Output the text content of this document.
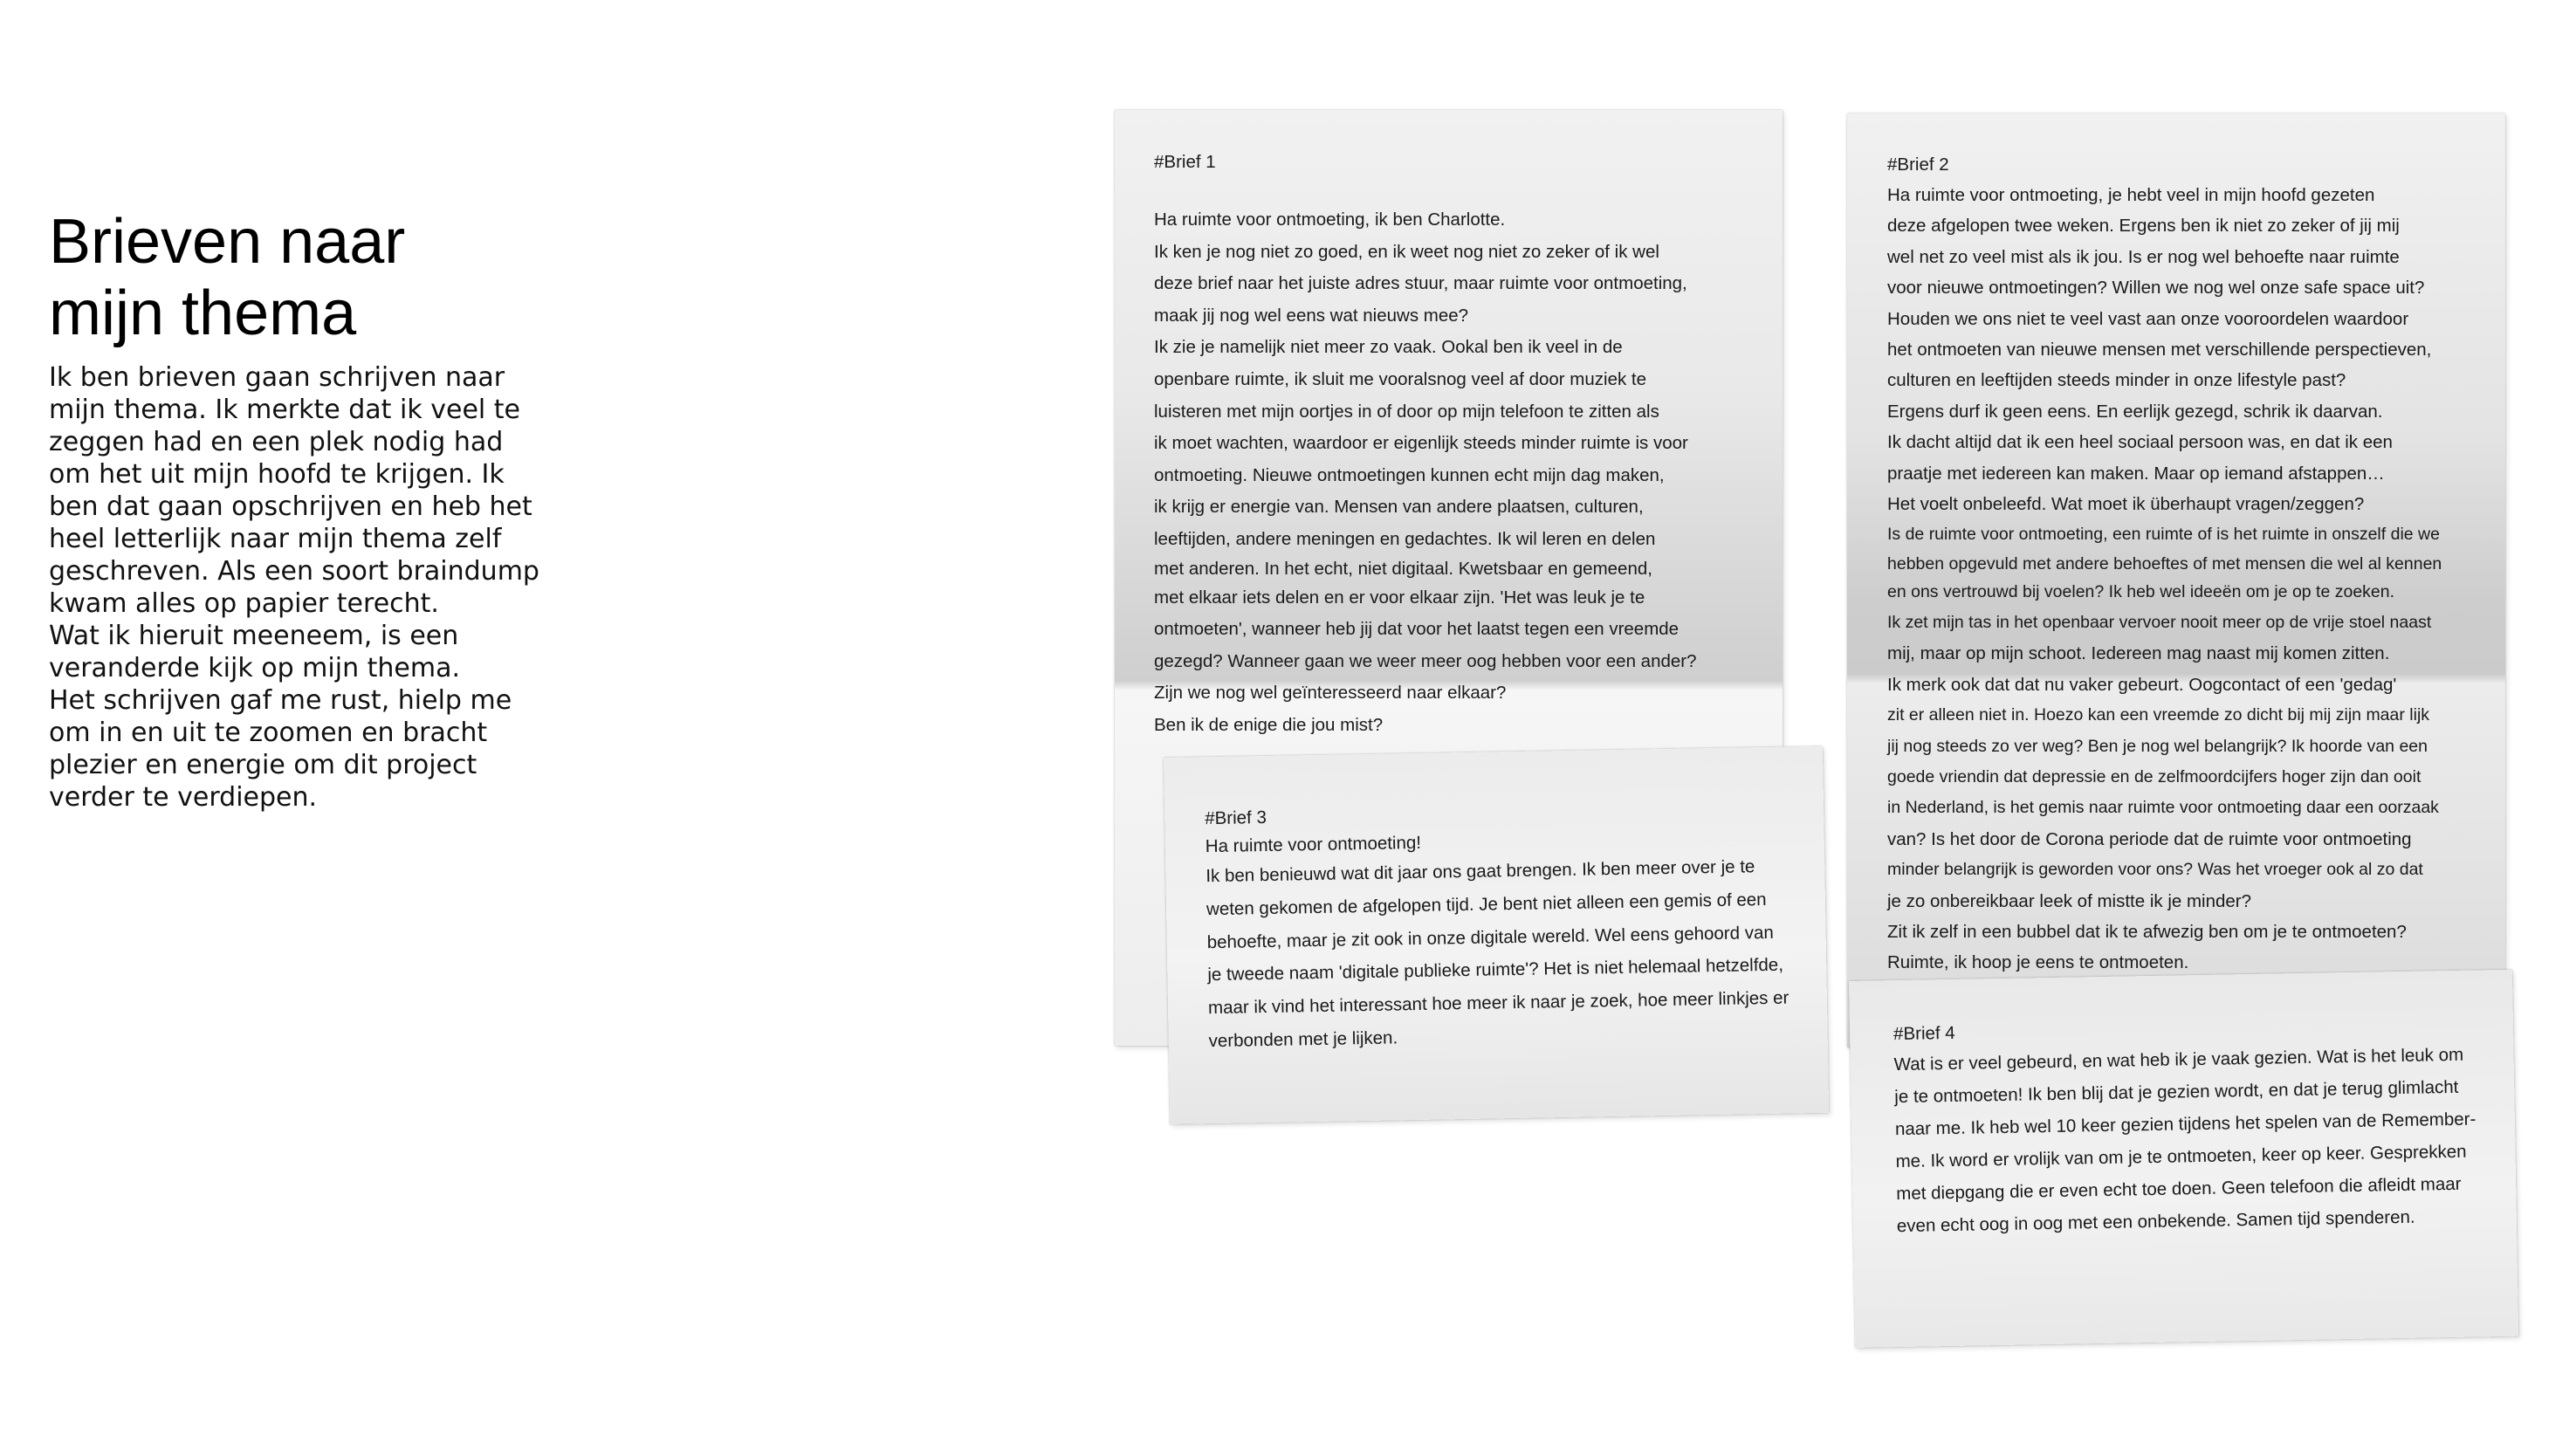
Brieven naar
mijn thema
Ik ben brieven gaan schrijven naar
mijn thema. Ik merkte dat ik veel te
zeggen had en een plek nodig had
om het uit mijn hoofd te krijgen. Ik
ben dat gaan opschrijven en heb het
heel letterlijk naar mijn thema zelf
geschreven. Als een soort braindump
kwam alles op papier terecht.
Wat ik hieruit meeneem, is een
veranderde kijk op mijn thema.
Het schrijven gaf me rust, hielp me
om in en uit te zoomen en bracht
plezier en energie om dit project
verder te verdiepen.
#Brief 1
Ha ruimte voor ontmoeting, ik ben Charlotte.
Ik ken je nog niet zo goed, en ik weet nog niet zo zeker of ik wel
deze brief naar het juiste adres stuur, maar ruimte voor ontmoeting,
maak jij nog wel eens wat nieuws mee?
Ik zie je namelijk niet meer zo vaak. Ookal ben ik veel in de
openbare ruimte, ik sluit me vooralsnog veel af door muziek te
luisteren met mijn oortjes in of door op mijn telefoon te zitten als
ik moet wachten, waardoor er eigenlijk steeds minder ruimte is voor
ontmoeting. Nieuwe ontmoetingen kunnen echt mijn dag maken,
ik krijg er energie van. Mensen van andere plaatsen, culturen,
leeftijden, andere meningen en gedachtes. Ik wil leren en delen
met anderen. In het echt, niet digitaal. Kwetsbaar en gemeend,
met elkaar iets delen en er voor elkaar zijn. 'Het was leuk je te
ontmoeten', wanneer heb jij dat voor het laatst tegen een vreemde
gezegd? Wanneer gaan we weer meer oog hebben voor een ander?
Zijn we nog wel geïnteresseerd naar elkaar?
Ben ik de enige die jou mist?
#Brief 2
Ha ruimte voor ontmoeting, je hebt veel in mijn hoofd gezeten
deze afgelopen twee weken. Ergens ben ik niet zo zeker of jij mij
wel net zo veel mist als ik jou. Is er nog wel behoefte naar ruimte
voor nieuwe ontmoetingen? Willen we nog wel onze safe space uit?
Houden we ons niet te veel vast aan onze vooroordelen waardoor
het ontmoeten van nieuwe mensen met verschillende perspectieven,
culturen en leeftijden steeds minder in onze lifestyle past?
Ergens durf ik geen eens. En eerlijk gezegd, schrik ik daarvan.
Ik dacht altijd dat ik een heel sociaal persoon was, en dat ik een
praatje met iedereen kan maken. Maar op iemand afstappen…
Het voelt onbeleefd. Wat moet ik überhaupt vragen/zeggen?
Is de ruimte voor ontmoeting, een ruimte of is het ruimte in onszelf die we
hebben opgevuld met andere behoeftes of met mensen die wel al kennen
en ons vertrouwd bij voelen? Ik heb wel ideeën om je op te zoeken.
Ik zet mijn tas in het openbaar vervoer nooit meer op de vrije stoel naast
mij, maar op mijn schoot. Iedereen mag naast mij komen zitten.
Ik merk ook dat dat nu vaker gebeurt. Oogcontact of een 'gedag'
zit er alleen niet in. Hoezo kan een vreemde zo dicht bij mij zijn maar lijk
jij nog steeds zo ver weg? Ben je nog wel belangrijk? Ik hoorde van een
goede vriendin dat depressie en de zelfmoordcijfers hoger zijn dan ooit
in Nederland, is het gemis naar ruimte voor ontmoeting daar een oorzaak
van? Is het door de Corona periode dat de ruimte voor ontmoeting
minder belangrijk is geworden voor ons? Was het vroeger ook al zo dat
je zo onbereikbaar leek of mistte ik je minder?
Zit ik zelf in een bubbel dat ik te afwezig ben om je te ontmoeten?
Ruimte, ik hoop je eens te ontmoeten.
#Brief 3
Ha ruimte voor ontmoeting!
Ik ben benieuwd wat dit jaar ons gaat brengen. Ik ben meer over je te
weten gekomen de afgelopen tijd. Je bent niet alleen een gemis of een
behoefte, maar je zit ook in onze digitale wereld. Wel eens gehoord van
je tweede naam 'digitale publieke ruimte'? Het is niet helemaal hetzelfde,
maar ik vind het interessant hoe meer ik naar je zoek, hoe meer linkjes er
verbonden met je lijken.	#Brief 4
Wat is er veel gebeurd, en wat heb ik je vaak gezien. Wat is het leuk om
je te ontmoeten! Ik ben blij dat je gezien wordt, en dat je terug glimlacht
naar me. Ik heb wel 10 keer gezien tijdens het spelen van de Remember-
me. Ik word er vrolijk van om je te ontmoeten, keer op keer. Gesprekken
met diepgang die er even echt toe doen. Geen telefoon die afleidt maar
even echt oog in oog met een onbekende. Samen tijd spenderen.
